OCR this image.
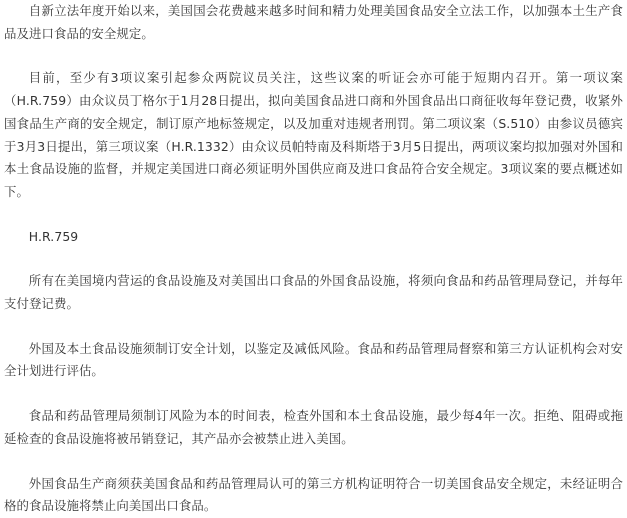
自新立法年度开始以来，美国国会花费越来越多时间和精力处理美国食品安全立法工作，以加强本土生产食品及进口食品的安全规定。

目前，至少有3项议案引起参众两院议员关注，这些议案的听证会亦可能于短期内召开。第一项议案（H.R.759）由众议员丁格尔于1月28日提出，拟向美国食品进口商和外国食品出口商征收每年登记费，收紧外国食品生产商的安全规定，制订原产地标签规定，以及加重对违规者刑罚。第二项议案（S.510）由参议员德宾于3月3日提出，第三项议案（H.R.1332）由众议员帕特南及科斯塔于3月5日提出，两项议案均拟加强对外国和本土食品设施的监督，并规定美国进口商必须证明外国供应商及进口食品符合安全规定。3项议案的要点概述如下。

H.R.759

所有在美国境内营运的食品设施及对美国出口食品的外国食品设施，将须向食品和药品管理局登记，并每年支付登记费。

外国及本土食品设施须制订安全计划，以鉴定及减低风险。食品和药品管理局督察和第三方认证机构会对安全计划进行评估。

食品和药品管理局须制订风险为本的时间表，检查外国和本土食品设施，最少每4年一次。拒绝、阻碍或拖延检查的食品设施将被吊销登记，其产品亦会被禁止进入美国。

外国食品生产商须获美国食品和药品管理局认可的第三方机构证明符合一切美国食品安全规定，未经证明合格的食品设施将禁止向美国出口食品。
